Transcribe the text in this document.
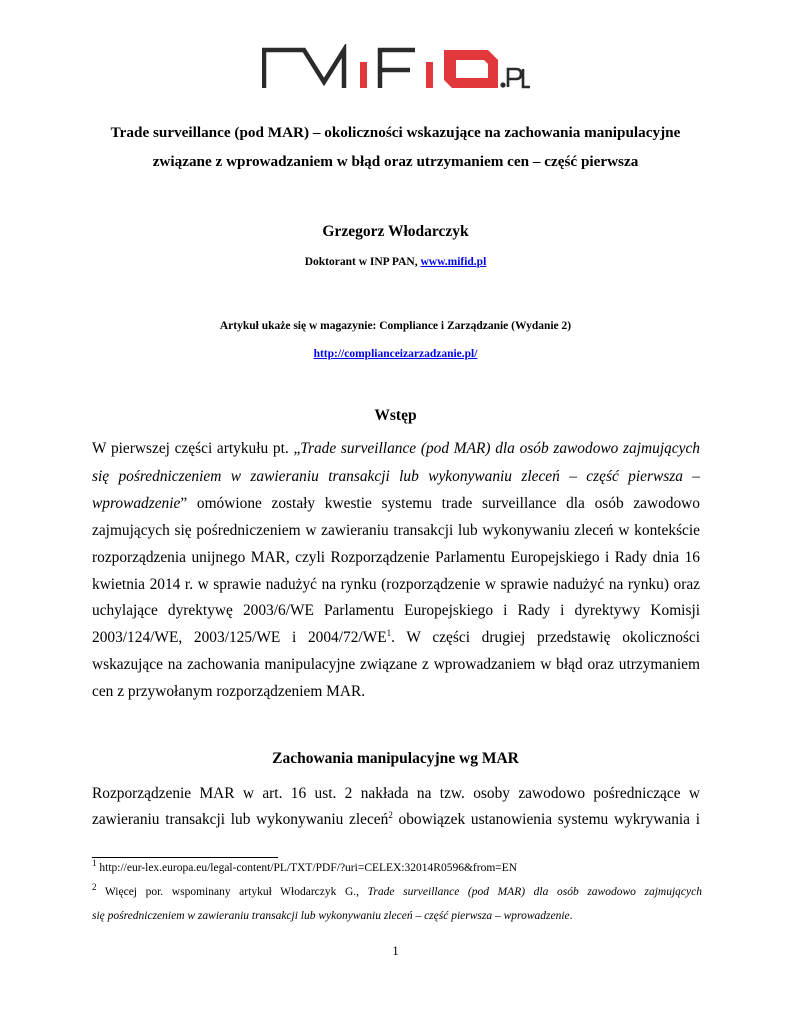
Trade surveillance (pod MAR) – okoliczności wskazujące na zachowania manipulacyjne
związane z wprowadzaniem w błąd oraz utrzymaniem cen – część pierwsza
Grzegorz Włodarczyk
Doktorant w INP PAN, www.mifid.pl
Artykuł ukaże się w magazynie: Compliance i Zarządzanie (Wydanie 2)
http://complianceizarzadzanie.pl/
Wstęp
W pierwszej części artykułu pt. „Trade surveillance (pod MAR) dla osób zawodowo zajmujących
się pośredniczeniem w zawieraniu transakcji lub wykonywaniu zleceń – część pierwsza –
wprowadzenie” omówione zostały kwestie systemu trade surveillance dla osób zawodowo
zajmujących się pośredniczeniem w zawieraniu transakcji lub wykonywaniu zleceń w kontekście
rozporządzenia unijnego MAR, czyli Rozporządzenie Parlamentu Europejskiego i Rady dnia 16
kwietnia 2014 r. w sprawie nadużyć na rynku (rozporządzenie w sprawie nadużyć na rynku) oraz
uchylające dyrektywę 2003/6/WE Parlamentu Europejskiego i Rady i dyrektywy Komisji
2003/124/WE, 2003/125/WE i $2004/72/WE^1$. W części drugiej przedstawię okoliczności
wskazujące na zachowania manipulacyjne związane z wprowadzaniem w błąd oraz utrzymaniem
cen z przywołanym rozporządzeniem MAR.
Zachowania manipulacyjne wg MAR
Rozporządzenie MAR w art. 16 ust. 2 nakłada na tzw. osoby zawodowo pośredniczące w
zawieraniu transakcji lub wykonywaniu zleceń$^2$ obowiązek ustanowienia systemu wykrywania i
$^1$ http://eur-lex.europa.eu/legal-content/PL/TXT/PDF/?uri=CELEX:32014R0596&from=EN
$^2$ Więcej por. wspominany artykuł Włodarczyk G., Trade surveillance (pod MAR) dla osób zawodowo zajmujących
się pośredniczeniem w zawieraniu transakcji lub wykonywaniu zleceń – część pierwsza – wprowadzenie.
1
